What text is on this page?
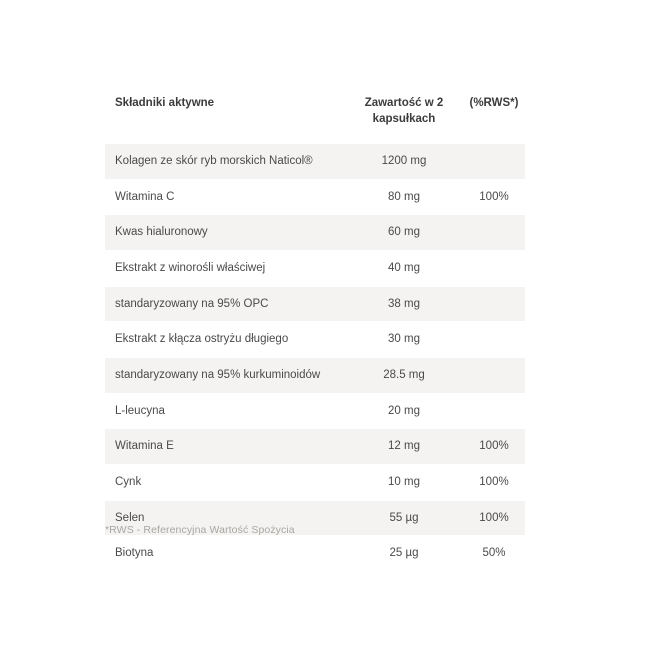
Składniki aktywne	Zawartość w 2 kapsułkach	(%RWS*)
Kolagen ze skór ryb morskich Naticol®	1200 mg	
Witamina C	80 mg	100%
Kwas hialuronowy	60 mg	
Ekstrakt z winorośli właściwej	40 mg	
standaryzowany na 95% OPC	38 mg	
Ekstrakt z kłącza ostryżu długiego	30 mg	
standaryzowany na 95% kurkuminoidów	28.5 mg	
L-leucyna	20 mg	
Witamina E	12 mg	100%
Cynk	10 mg	100%
Selen	55 µg	100%
Biotyna	25 µg	50%
*RWS - Referencyjna Wartość Spożycia
